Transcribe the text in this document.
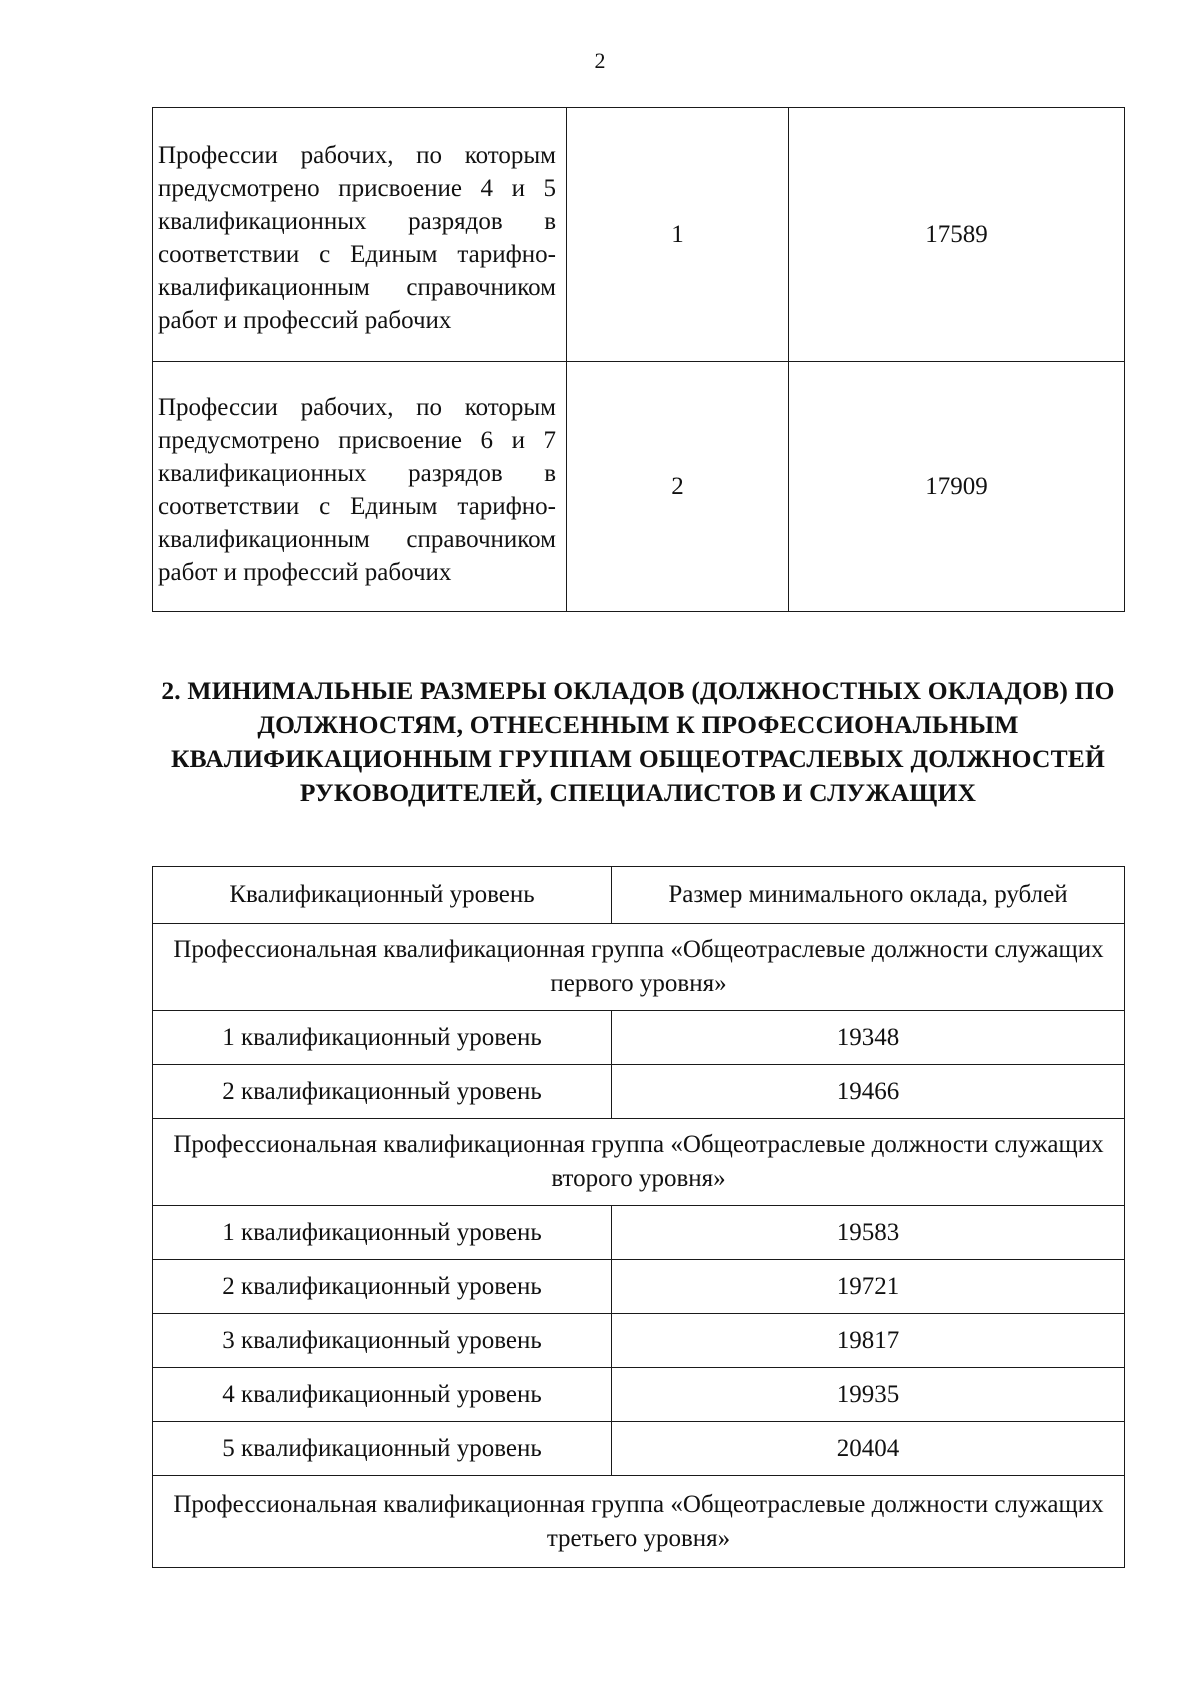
2
Профессии рабочих, по которым предусмотрено присвоение 4 и 5 квалификационных разрядов в соответствии с Единым тарифно-квалификационным справочником работ и профессий рабочих	1	17589
Профессии рабочих, по которым предусмотрено присвоение 6 и 7 квалификационных разрядов в соответствии с Единым тарифно-квалификационным справочником работ и профессий рабочих	2	17909
2. МИНИМАЛЬНЫЕ РАЗМЕРЫ ОКЛАДОВ (ДОЛЖНОСТНЫХ ОКЛАДОВ) ПО ДОЛЖНОСТЯМ, ОТНЕСЕННЫМ К ПРОФЕССИОНАЛЬНЫМ КВАЛИФИКАЦИОННЫМ ГРУППАМ ОБЩЕОТРАСЛЕВЫХ ДОЛЖНОСТЕЙ РУКОВОДИТЕЛЕЙ, СПЕЦИАЛИСТОВ И СЛУЖАЩИХ
Квалификационный уровень	Размер минимального оклада, рублей
Профессиональная квалификационная группа «Общеотраслевые должности служащих первого уровня»	
1 квалификационный уровень	19348
2 квалификационный уровень	19466
Профессиональная квалификационная группа «Общеотраслевые должности служащих второго уровня»	
1 квалификационный уровень	19583
2 квалификационный уровень	19721
3 квалификационный уровень	19817
4 квалификационный уровень	19935
5 квалификационный уровень	20404
Профессиональная квалификационная группа «Общеотраслевые должности служащих третьего уровня»	
